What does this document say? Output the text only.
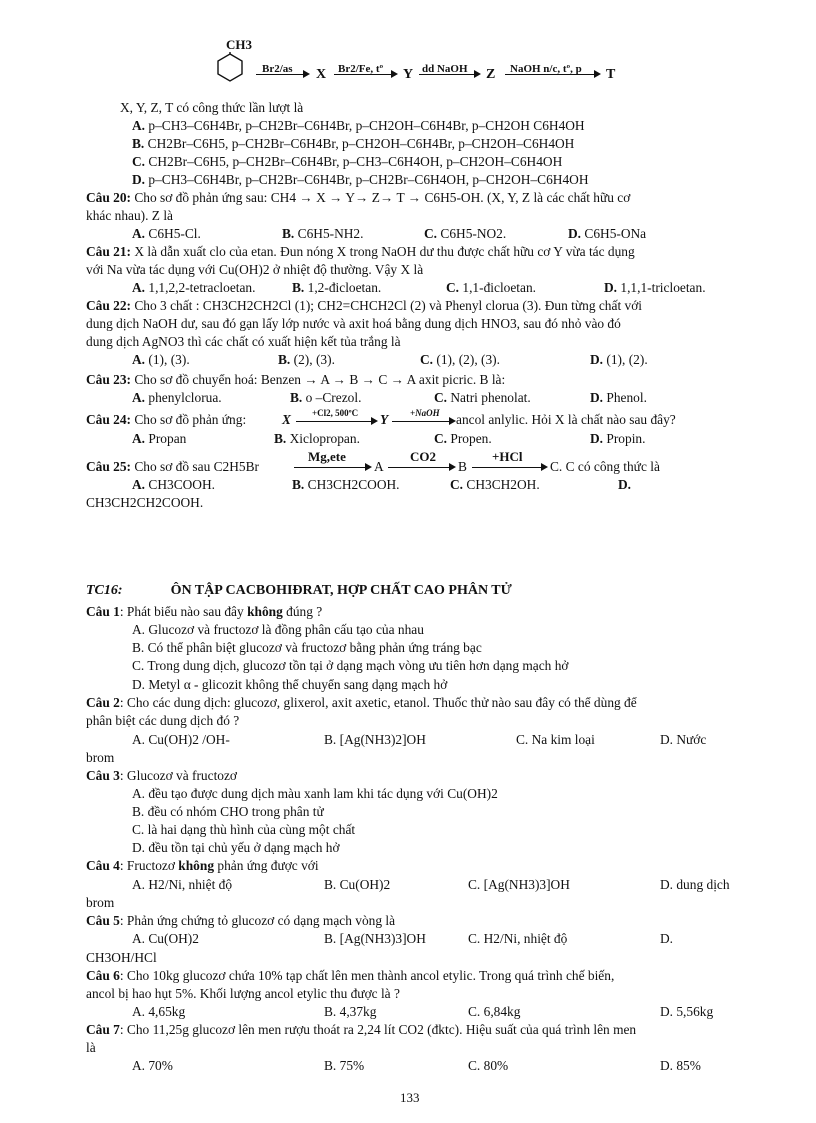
CH3
Br2/as X Br2/Fe, tº Y dd NaOH Z NaOH n/c, tº, p T
X, Y, Z, T có công thức lần lượt là
A. p–CH3–C6H4Br, p–CH2Br–C6H4Br, p–CH2OH–C6H4Br, p–CH2OH C6H4OH
B. CH2Br–C6H5, p–CH2Br–C6H4Br, p–CH2OH–C6H4Br, p–CH2OH–C6H4OH
C. CH2Br–C6H5, p–CH2Br–C6H4Br, p–CH3–C6H4OH, p–CH2OH–C6H4OH
D. p–CH3–C6H4Br, p–CH2Br–C6H4Br, p–CH2Br–C6H4OH, p–CH2OH–C6H4OH
Câu 20: Cho sơ đồ phản ứng sau: CH4 → X → Y→ Z→ T → C6H5-OH. (X, Y, Z là các chất hữu cơ
khác nhau). Z là
A. C6H5-Cl.	B. C6H5-NH2.	C. C6H5-NO2.	D. C6H5-ONa
Câu 21: X là dẫn xuất clo của etan. Đun nóng X trong NaOH dư thu được chất hữu cơ Y vừa tác dụng
với Na vừa tác dụng với Cu(OH)2 ở nhiệt độ thường. Vậy X là
A. 1,1,2,2-tetracloetan.	B. 1,2-đicloetan.	C. 1,1-đicloetan.	D. 1,1,1-tricloetan.
Câu 22: Cho 3 chất : CH3CH2CH2Cl (1); CH2=CHCH2Cl (2) và Phenyl clorua (3). Đun từng chất với
dung dịch NaOH dư, sau đó gạn lấy lớp nước và axit hoá bằng dung dịch HNO3, sau đó nhỏ vào đó
dung dịch AgNO3 thì các chất có xuất hiện kết tủa trắng là
A. (1), (3).	B. (2), (3).	C. (1), (2), (3).	D. (1), (2).
Câu 23: Cho sơ đồ chuyển hoá: Benzen → A → B → C → A axit picric. B là:
A. phenylclorua.	B. o –Crezol.	C. Natri phenolat.	D. Phenol.
Câu 24: Cho sơ đồ phản ứng:	X +Cl2, 500ºC Y +NaOH ancol anlylic. Hỏi X là chất nào sau đây?
A. Propan	B. Xiclopropan.	C. Propen.	D. Propin.
Câu 25: Cho sơ đồ sau C2H5Br
Mg,ete
A
CO2
B
+HCl
C. C có công thức là
A. CH3COOH.	B. CH3CH2COOH.	C. CH3CH2OH.	D.
CH3CH2CH2COOH.
TC16:	ÔN TẬP CACBOHIĐRAT, HỢP CHẤT CAO PHÂN TỬ
Câu 1: Phát biểu nào sau đây không đúng ?
A. Glucozơ và fructozơ là đồng phân cấu tạo của nhau
B. Có thể phân biệt glucozơ và fructozơ bằng phản ứng tráng bạc
C. Trong dung dịch, glucozơ tồn tại ở dạng mạch vòng ưu tiên hơn dạng mạch hở
D. Metyl α - glicozit không thể chuyển sang dạng mạch hở
Câu 2: Cho các dung dịch: glucozơ, glixerol, axit axetic, etanol. Thuốc thử nào sau đây có thể dùng để
phân biệt các dung dịch đó ?
A. Cu(OH)2 /OH-	B. [Ag(NH3)2]OH	C. Na kim loại	D. Nước
brom
Câu 3: Glucozơ và fructozơ
A. đều tạo được dung dịch màu xanh lam khi tác dụng với Cu(OH)2
B. đều có nhóm CHO trong phân tử
C. là hai dạng thù hình của cùng một chất
D. đều tồn tại chủ yếu ở dạng mạch hở
Câu 4: Fructozơ không phản ứng được với
A. H2/Ni, nhiệt độ	B. Cu(OH)2	C. [Ag(NH3)3]OH	D. dung dịch
brom
Câu 5: Phản ứng chứng tỏ glucozơ có dạng mạch vòng là
A. Cu(OH)2	B. [Ag(NH3)3]OH	C. H2/Ni, nhiệt độ	D.
CH3OH/HCl
Câu 6: Cho 10kg glucozơ chứa 10% tạp chất lên men thành ancol etylic. Trong quá trình chế biến,
ancol bị hao hụt 5%. Khối lượng ancol etylic thu được là ?
A. 4,65kg	B. 4,37kg	C. 6,84kg	D. 5,56kg
Câu 7: Cho 11,25g glucozơ lên men rượu thoát ra 2,24 lít CO2 (đktc). Hiệu suất của quá trình lên men
là
A. 70%	B. 75%	C. 80%	D. 85%
133
